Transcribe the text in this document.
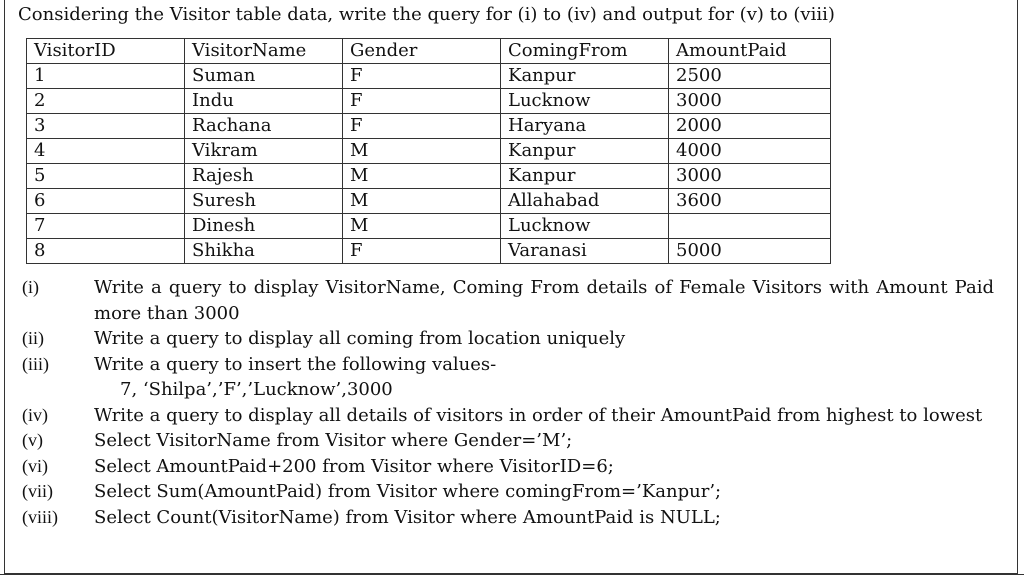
Considering the Visitor table data, write the query for (i) to (iv) and output for (v) to (viii)
VisitorID	VisitorName	Gender	ComingFrom	AmountPaid
1	Suman	F	Kanpur	2500
2	Indu	F	Lucknow	3000
3	Rachana	F	Haryana	2000
4	Vikram	M	Kanpur	4000
5	Rajesh	M	Kanpur	3000
6	Suresh	M	Allahabad	3600
7	Dinesh	M	Lucknow	
8	Shikha	F	Varanasi	5000
(i)	Write a query to display VisitorName, Coming From details of Female Visitors with Amount Paid more than 3000
(ii)	Write a query to display all coming from location uniquely
(iii)	Write a query to insert the following values-
7, ‘Shilpa’,’F’,’Lucknow’,3000
(iv)	Write a query to display all details of visitors in order of their AmountPaid from highest to lowest
(v)	Select VisitorName from Visitor where Gender=’M’;
(vi)	Select AmountPaid+200 from Visitor where VisitorID=6;
(vii)	Select Sum(AmountPaid) from Visitor where comingFrom=’Kanpur’;
(viii)	Select Count(VisitorName) from Visitor where AmountPaid is NULL;
